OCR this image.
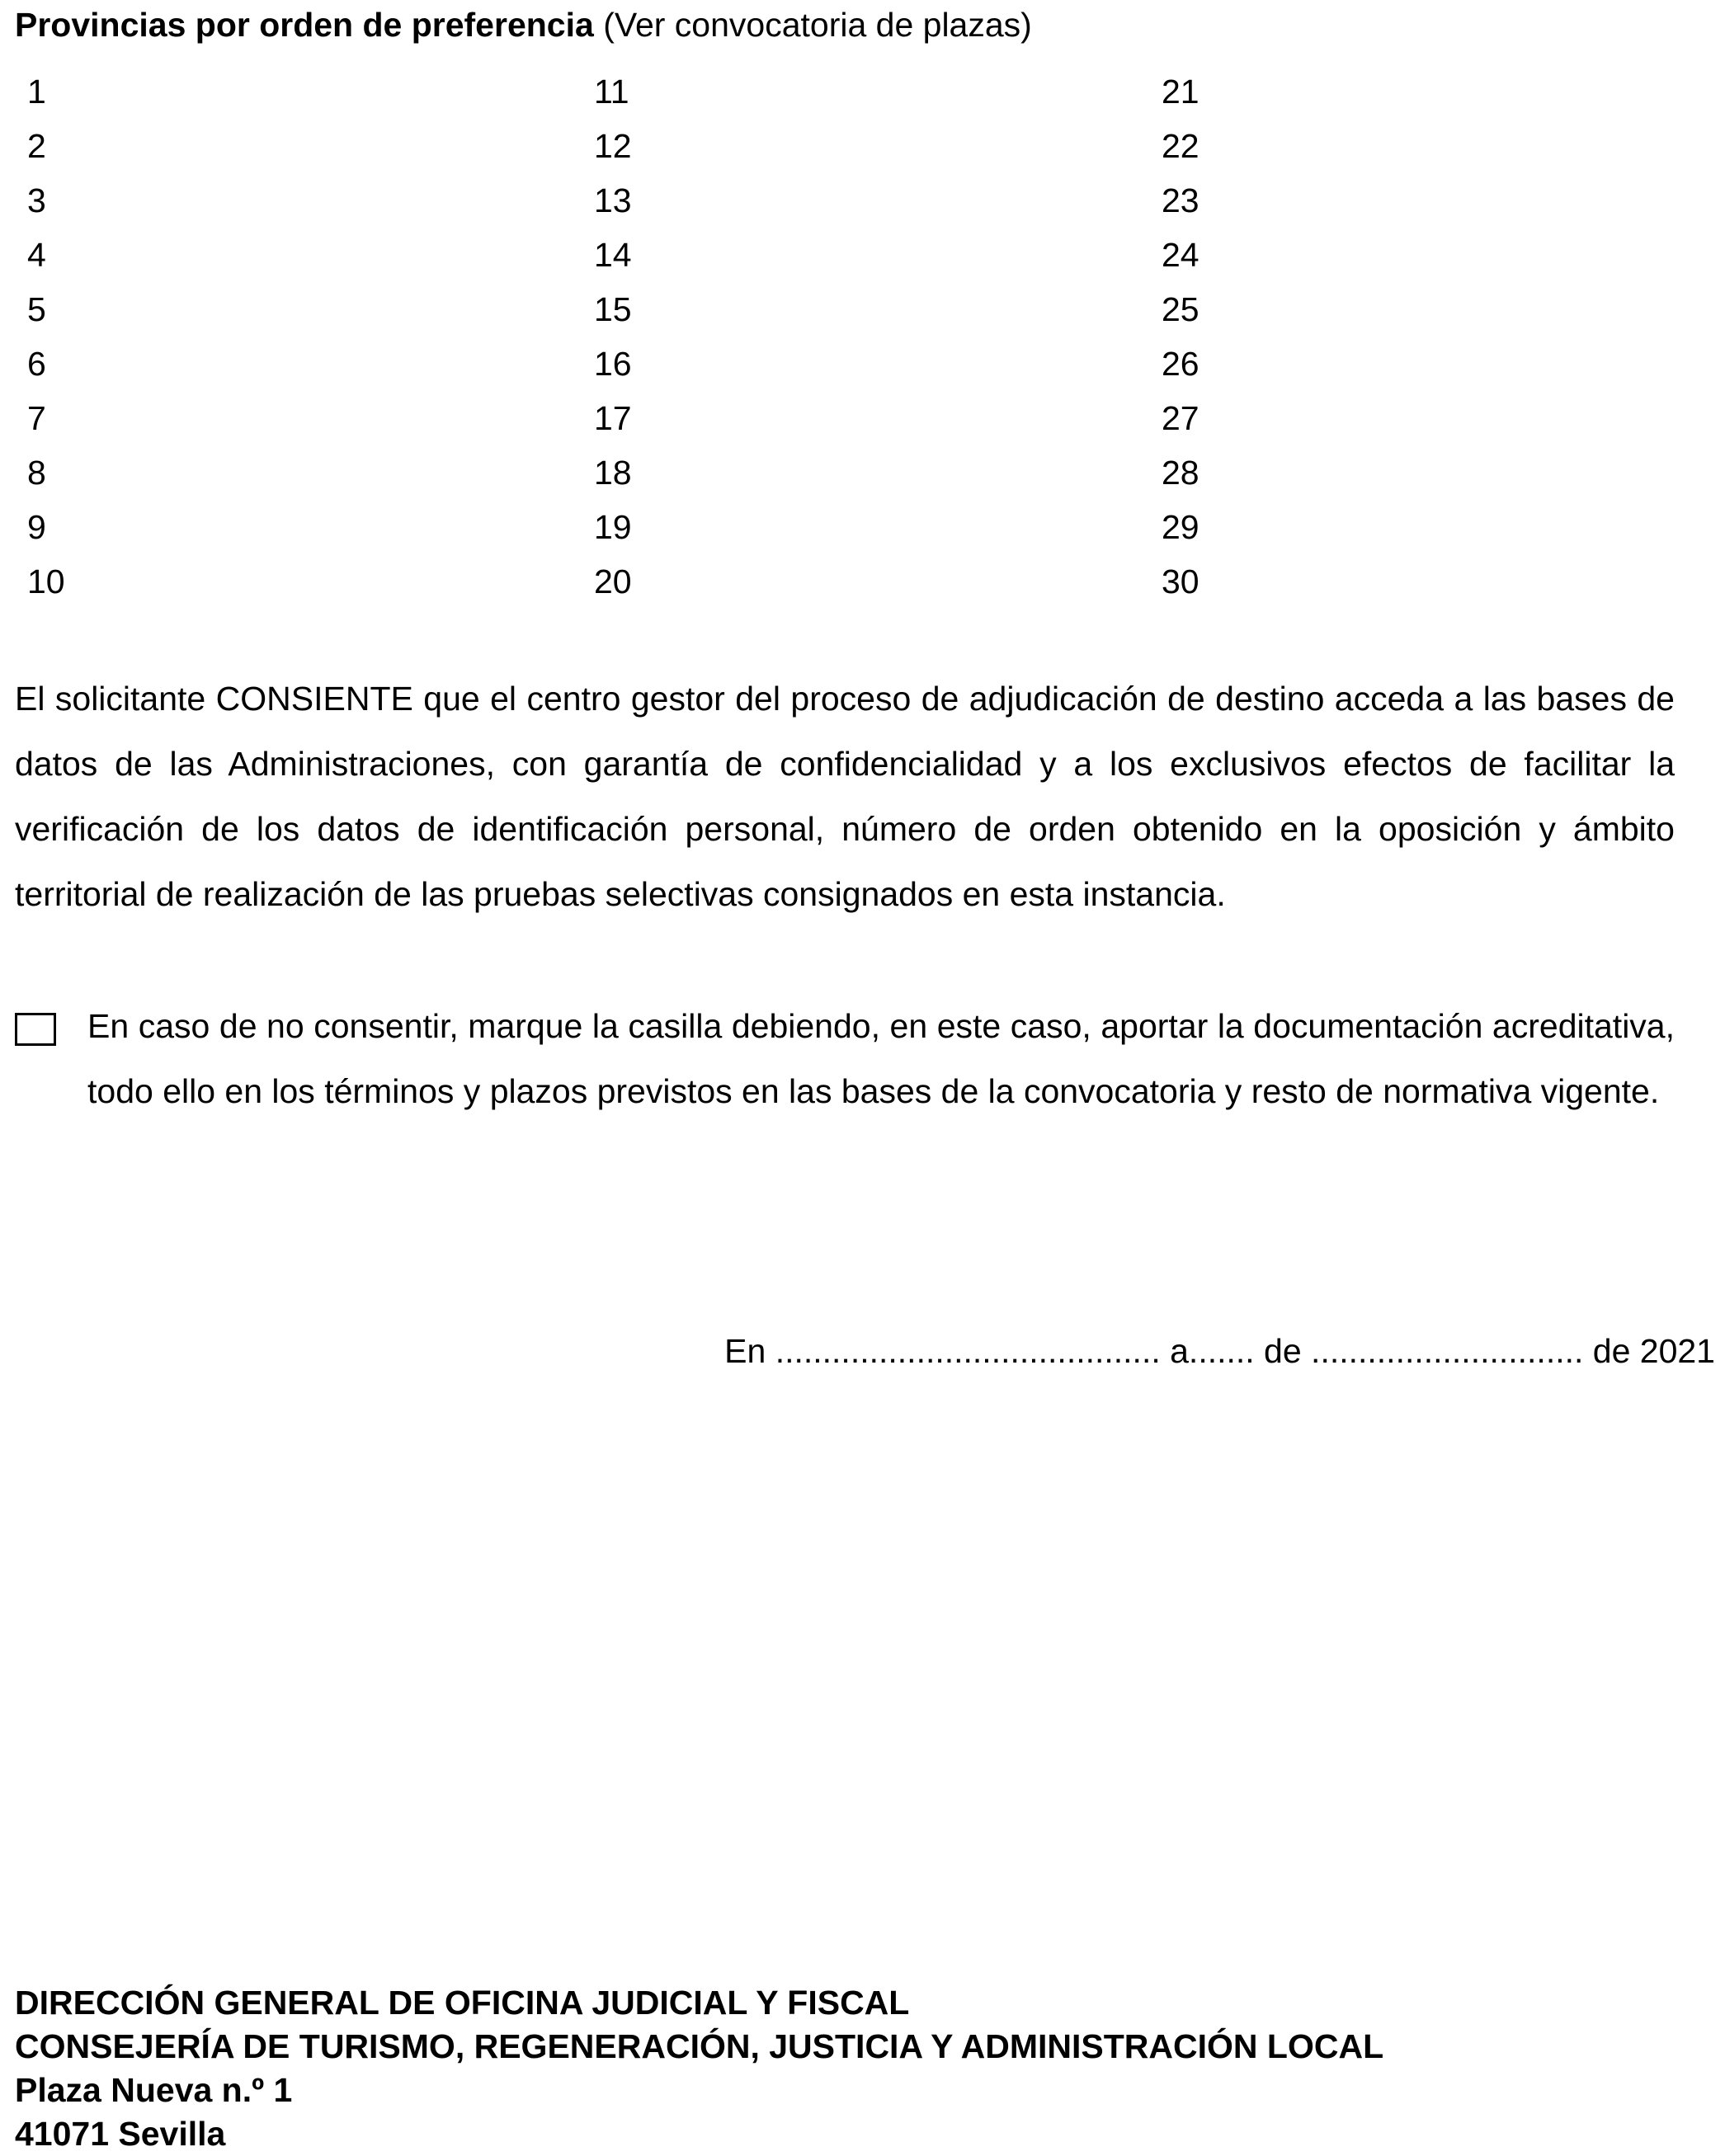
Provincias por orden de preferencia (Ver convocatoria de plazas)
1
2
3
4
5
6
7
8
9
10
11
12
13
14
15
16
17
18
19
20
21
22
23
24
25
26
27
28
29
30
El solicitante CONSIENTE que el centro gestor del proceso de adjudicación de destino acceda a las bases de datos de las Administraciones, con garantía de confidencialidad y a los exclusivos efectos de facilitar la verificación de los datos de identificación personal, número de orden obtenido en la oposición y ámbito territorial de realización de las pruebas selectivas consignados en esta instancia.
En caso de no consentir, marque la casilla debiendo, en este caso, aportar la documentación acreditativa, todo ello en los términos y plazos previstos en las bases de la convocatoria y resto de normativa vigente.
En ......................................... a....... de ............................. de 2021
DIRECCIÓN GENERAL DE OFICINA JUDICIAL Y FISCAL
CONSEJERÍA DE TURISMO, REGENERACIÓN, JUSTICIA Y ADMINISTRACIÓN LOCAL
Plaza Nueva n.º 1
41071 Sevilla
